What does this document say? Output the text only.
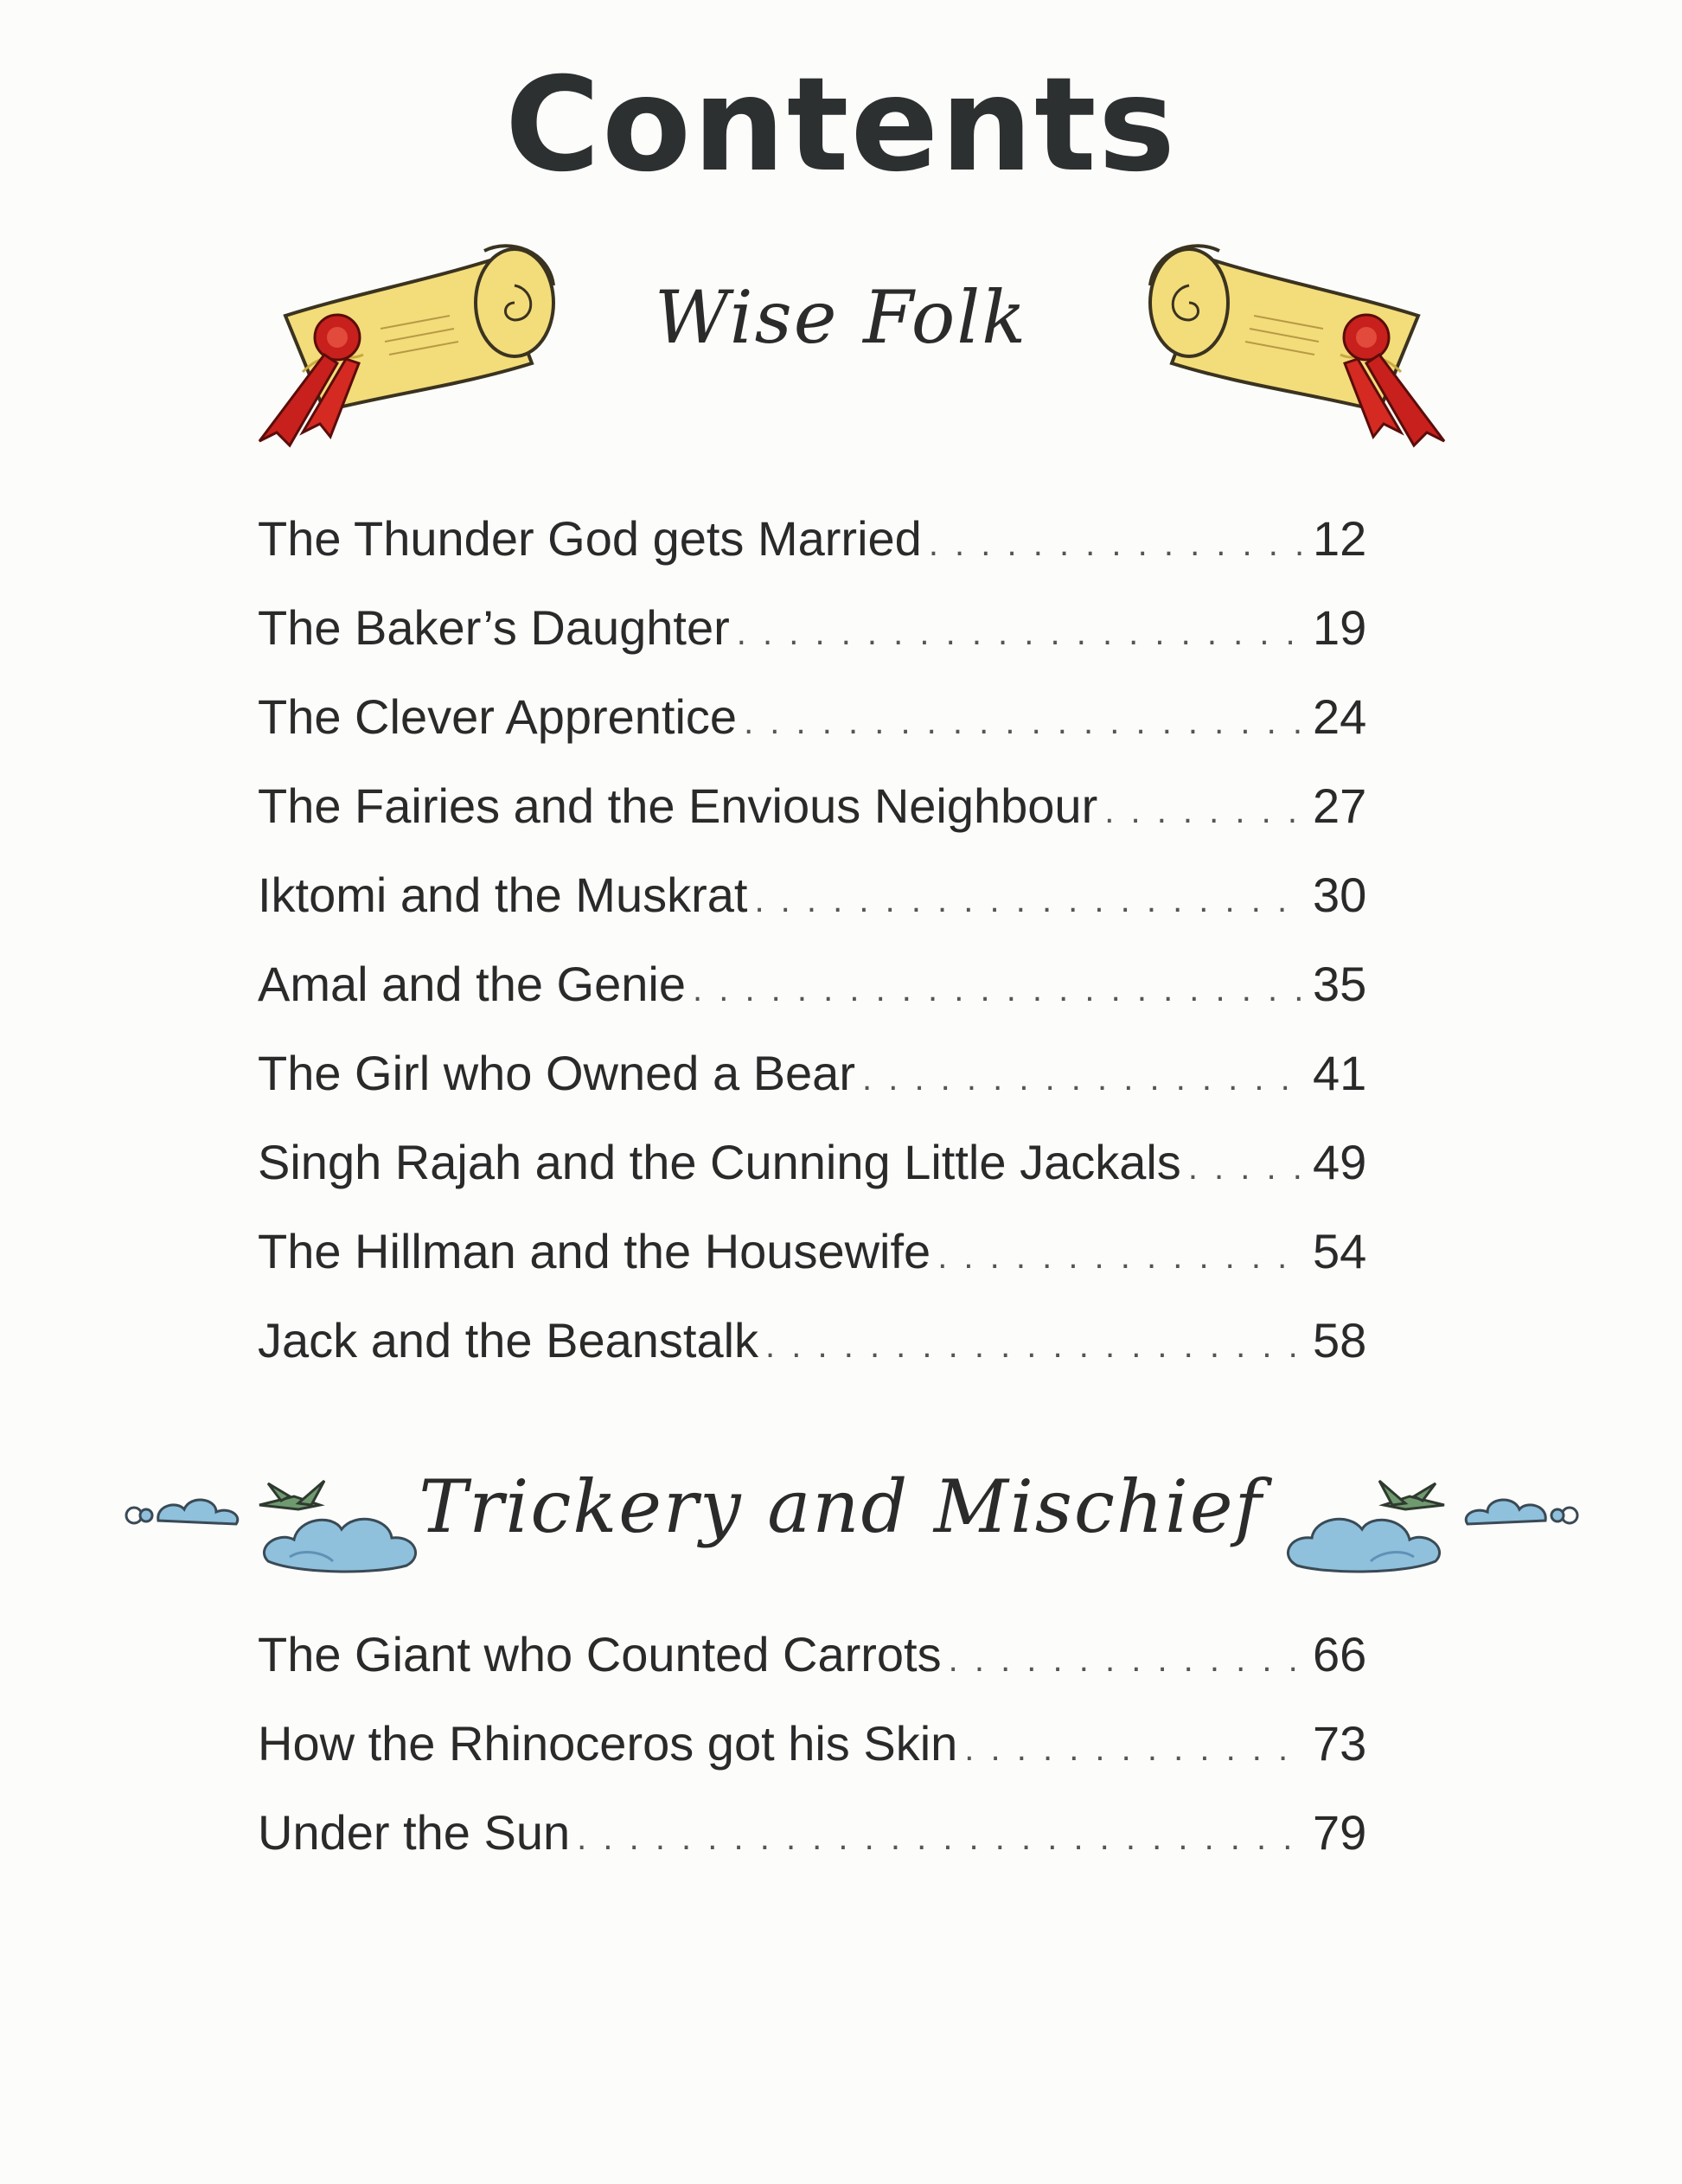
Contents
Wise Folk
The Thunder God gets Married . . .	12
The Baker’s Daughter . . .	19
The Clever Apprentice . . .	24
The Fairies and the Envious Neighbour . . .	27
Iktomi and the Muskrat . . .	30
Amal and the Genie . . .	35
The Girl who Owned a Bear . . .	41
Singh Rajah and the Cunning Little Jackals . . .	49
The Hillman and the Housewife . . .	54
Jack and the Beanstalk . . .	58
Trickery and Mischief
The Giant who Counted Carrots . . .	66
How the Rhinoceros got his Skin . . .	73
Under the Sun . . .	79
